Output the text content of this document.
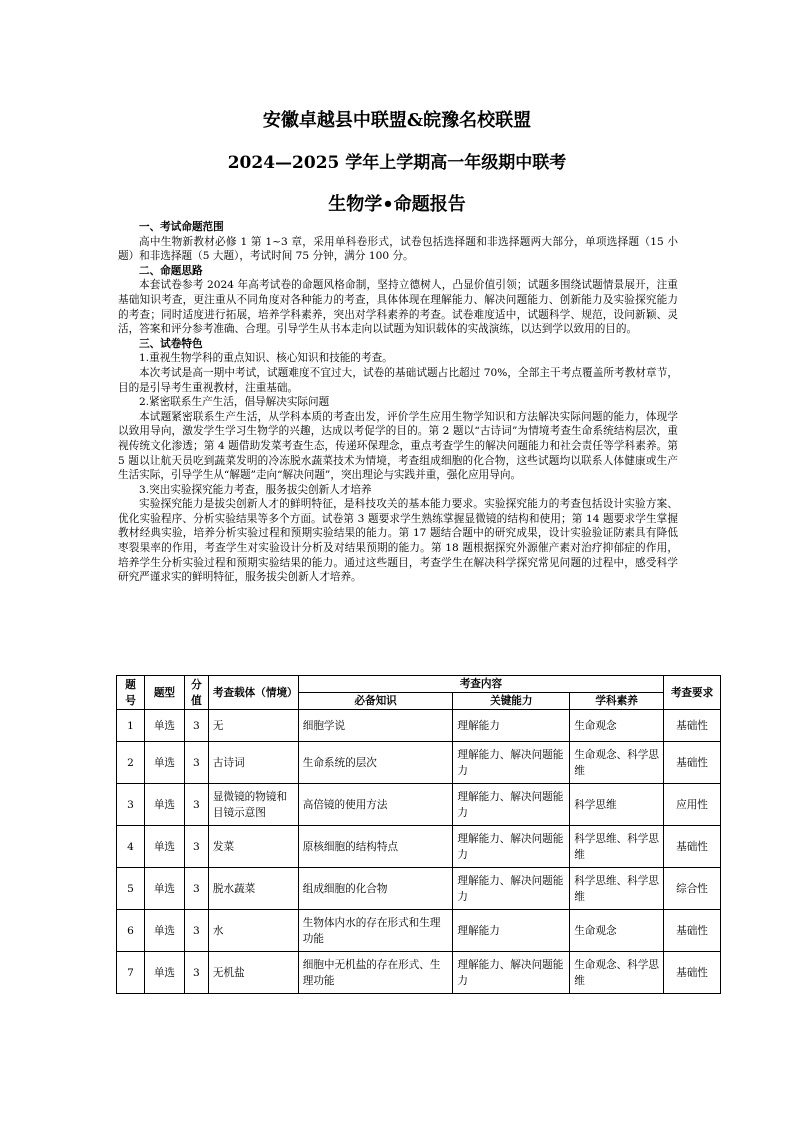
安徽卓越县中联盟&皖豫名校联盟
2024—2025 学年上学期高一年级期中联考
生物学•命题报告

一、考试命题范围

高中生物新教材必修 1 第 1~3 章，采用单科卷形式，试卷包括选择题和非选择题两大部分，单项选择题（15 小题）和非选择题（5 大题），考试时间 75 分钟，满分 100 分。

二、命题思路

本套试卷参考 2024 年高考试卷的命题风格命制，坚持立德树人，凸显价值引领；试题多围绕试题情景展开，注重基础知识考查，更注重从不同角度对各种能力的考查，具体体现在理解能力、解决问题能力、创新能力及实验探究能力的考查；同时适度进行拓展，培养学科素养，突出对学科素养的考查。试卷难度适中，试题科学、规范，设问新颖、灵活，答案和评分参考准确、合理。引导学生从书本走向以试题为知识载体的实战演练，以达到学以致用的目的。

三、试卷特色

1.重视生物学科的重点知识、核心知识和技能的考查。

本次考试是高一期中考试，试题难度不宜过大，试卷的基础试题占比超过 70%，全部主干考点覆盖所考教材章节，目的是引导考生重视教材，注重基础。

2.紧密联系生产生活，倡导解决实际问题

本试题紧密联系生产生活，从学科本质的考查出发，评价学生应用生物学知识和方法解决实际问题的能力，体现学以致用导向，激发学生学习生物学的兴趣，达成以考促学的目的。第 2 题以“古诗词”为情境考查生命系统结构层次，重视传统文化渗透；第 4 题借助发菜考查生态，传递环保理念，重点考查学生的解决问题能力和社会责任等学科素养。第 5 题以让航天员吃到蔬菜发明的冷冻脱水蔬菜技术为情境，考查组成细胞的化合物，这些试题均以联系人体健康或生产生活实际，引导学生从“解题”走向“解决问题”，突出理论与实践并重，强化应用导向。

3.突出实验探究能力考查，服务拔尖创新人才培养

实验探究能力是拔尖创新人才的鲜明特征，是科技攻关的基本能力要求。实验探究能力的考查包括设计实验方案、优化实验程序、分析实验结果等多个方面。试卷第 3 题要求学生熟练掌握显微镜的结构和使用；第 14 题要求学生掌握教材经典实验，培养分析实验过程和预期实验结果的能力。第 17 题结合题中的研究成果，设计实验验证防素具有降低枣裂果率的作用，考查学生对实验设计分析及对结果预期的能力。第 18 题根据探究外源催产素对治疗抑郁症的作用，培养学生分析实验过程和预期实验结果的能力。通过这些题目，考查学生在解决科学探究常见问题的过程中，感受科学研究严谨求实的鲜明特征，服务拔尖创新人才培养。

题号	题型	分值	考查载体（情境）	考查内容			考查要求
				必备知识	关键能力	学科素养	
1	单选	3	无	细胞学说	理解能力	生命观念	基础性
2	单选	3	古诗词	生命系统的层次	理解能力、解决问题能力	生命观念、科学思维	基础性
3	单选	3	显微镜的物镜和目镜示意图	高倍镜的使用方法	理解能力、解决问题能力	科学思维	应用性
4	单选	3	发菜	原核细胞的结构特点	理解能力、解决问题能力	科学思维、科学思维	基础性
5	单选	3	脱水蔬菜	组成细胞的化合物	理解能力、解决问题能力	科学思维、科学思维	综合性
6	单选	3	水	生物体内水的存在形式和生理功能	理解能力	生命观念	基础性
7	单选	3	无机盐	细胞中无机盐的存在形式、生理功能	理解能力、解决问题能力	生命观念、科学思维	基础性
